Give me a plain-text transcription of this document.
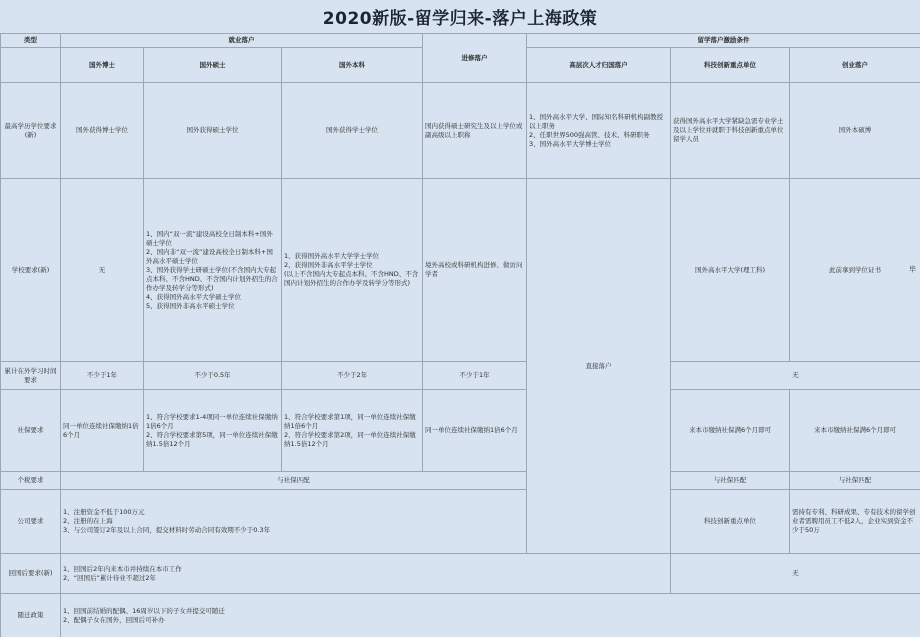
2020新版-留学归来-落户上海政策
类型	就业落户			进修落户	留学落户激励条件		
	国外博士	国外硕士	国外本科		高层次人才归国落户	科技创新重点单位	创业落户
最高学历学位要求(新)	国外获得博士学位	国外获得硕士学位	国外获得学士学位	国内获得硕士研究生及以上学位或副高级以上职称	1、国外高水平大学、国际知名科研机构副教授以上职务
2、任职世界500强高管、技术、科研职务
3、国外高水平大学博士学位	获得国外高水平大学紧缺急需专业学士及以上学位并就职于科技创新重点单位留学人员	国外本硕博
学校要求(新)	无	1、国内“双一流”建设高校全日制本科+国外硕士学位
2、国内非“双一流”建设高校全日制本科+国外高水平硕士学位
3、国外获得学士研硕士学位(不含国内大专起点本科、不含HND、不含国内计划外招生的合作办学及转学分等形式)
4、获得国外高水平大学硕士学位
5、获得国外非高水平硕士学位	1、获得国外高水平大学学士学位
2、获得国外非高水平学士学位
(以上不含国内大专起点本科、不含HND、不含国内计划外招生的合作办学及转学分等形式)	境外高校或科研机构进修、做访问学者	直接落户	国外高水平大学(理工科)	此前拿到学位证书 毕

累计在外学习时间要求	不少于1年	不少于0.5年	不少于2年	不少于1年		无	
社保要求	同一单位连续社保缴纳1倍6个月	1、符合学校要求1-4项同一单位连续社保缴纳1倍6个月
2、符合学校要求第5项，同一单位连续社保缴纳1.5倍12个月	1、符合学校要求第1项，同一单位连续社保缴纳1倍6个月
2、符合学校要求第2项，同一单位连续社保缴纳1.5倍12个月	同一单位连续社保缴纳1倍6个月		来本市缴纳社保满6个月即可	来本市缴纳社保满6个月即可
个税要求	与社保匹配					与社保匹配	与社保匹配
公司要求	1、注册资金不低于100万元
2、注册的在上海
3、与公司签订2年及以上合同，提交材料时劳动合同有效期不少于0.3年					科技创新重点单位	需持有专利、科研成果、专有技术的留学创业者需聘用员工不低2人，企业实到资金不少于50万
回国后要求(新)	1、回国后2年内来本市并持续在本市工作
2、“回国后”累计待业不超过2年					无	
随迁政策	1、回国前结婚的配偶、16周岁以下的子女并提交可随迁
2、配偶子女在国外，回国后可补办						
